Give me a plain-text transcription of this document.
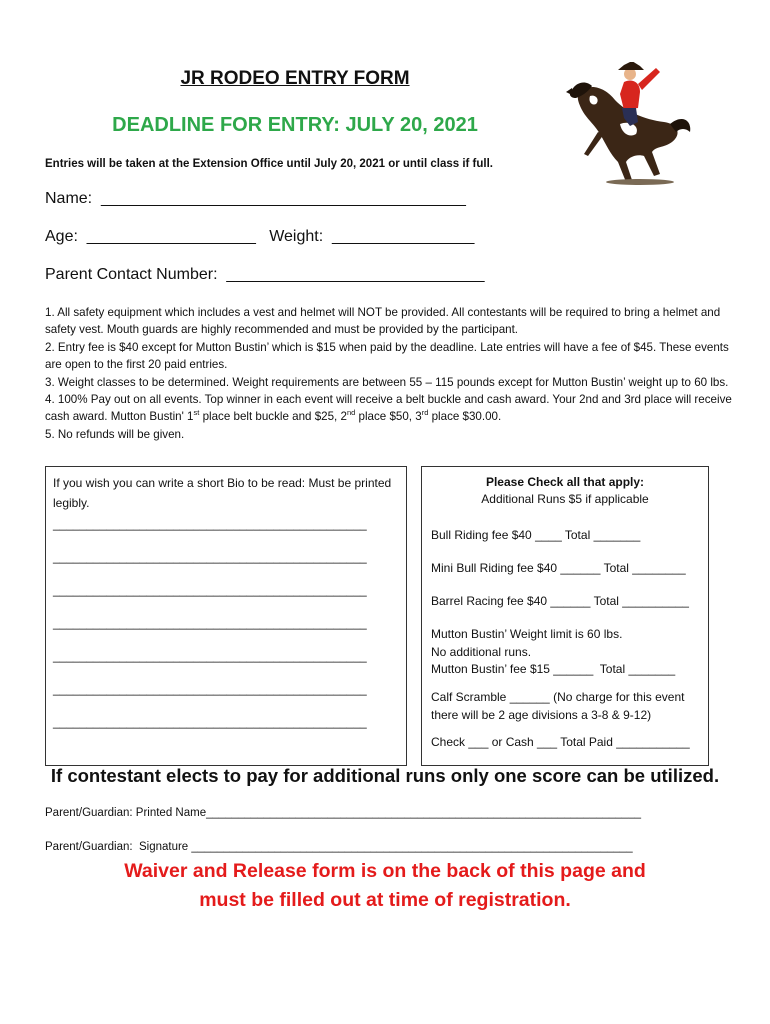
JR RODEO ENTRY FORM
DEADLINE FOR ENTRY: JULY 20, 2021
Entries will be taken at the Extension Office until July 20, 2021 or until class if full.
Name:  _________________________________________
Age:  ___________________   Weight:  ________________
Parent Contact Number:  _____________________________

1. All safety equipment which includes a vest and helmet will NOT be provided. All contestants will be required to bring a helmet and safety vest. Mouth guards are highly recommended and must be provided by the participant.

2. Entry fee is $40 except for Mutton Bustin’ which is $15 when paid by the deadline. Late entries will have a fee of $45. These events are open to the first 20 paid entries.

3. Weight classes to be determined. Weight requirements are between 55 – 115 pounds except for Mutton Bustin’ weight up to 60 lbs.

4. 100% Pay out on all events. Top winner in each event will receive a belt buckle and cash award. Your 2nd and 3rd place will receive cash award. Mutton Bustin' 1st place belt buckle and $25, 2nd place $50, 3rd place $30.00.

5. No refunds will be given.

If you wish you can write a short Bio to be read: Must be printed legibly.
_______________________________________________
_______________________________________________
_______________________________________________
_______________________________________________
_______________________________________________
_______________________________________________
_______________________________________________
Please Check all that apply:
Additional Runs $5 if applicable
Bull Riding fee $40 ____ Total _______
Mini Bull Riding fee $40 ______ Total ________
Barrel Racing fee $40 ______ Total __________
Mutton Bustin’ Weight limit is 60 lbs.
No additional runs.
Mutton Bustin’ fee $15 ______  Total _______
Calf Scramble ______ (No charge for this event
there will be 2 age divisions a 3-8 & 9-12)
Check ___ or Cash ___ Total Paid ___________
If contestant elects to pay for additional runs only one score can be utilized.
Parent/Guardian: Printed Name____________________________________________________________________
Parent/Guardian:  Signature _____________________________________________________________________
Waiver and Release form is on the back of this page and
must be filled out at time of registration.
